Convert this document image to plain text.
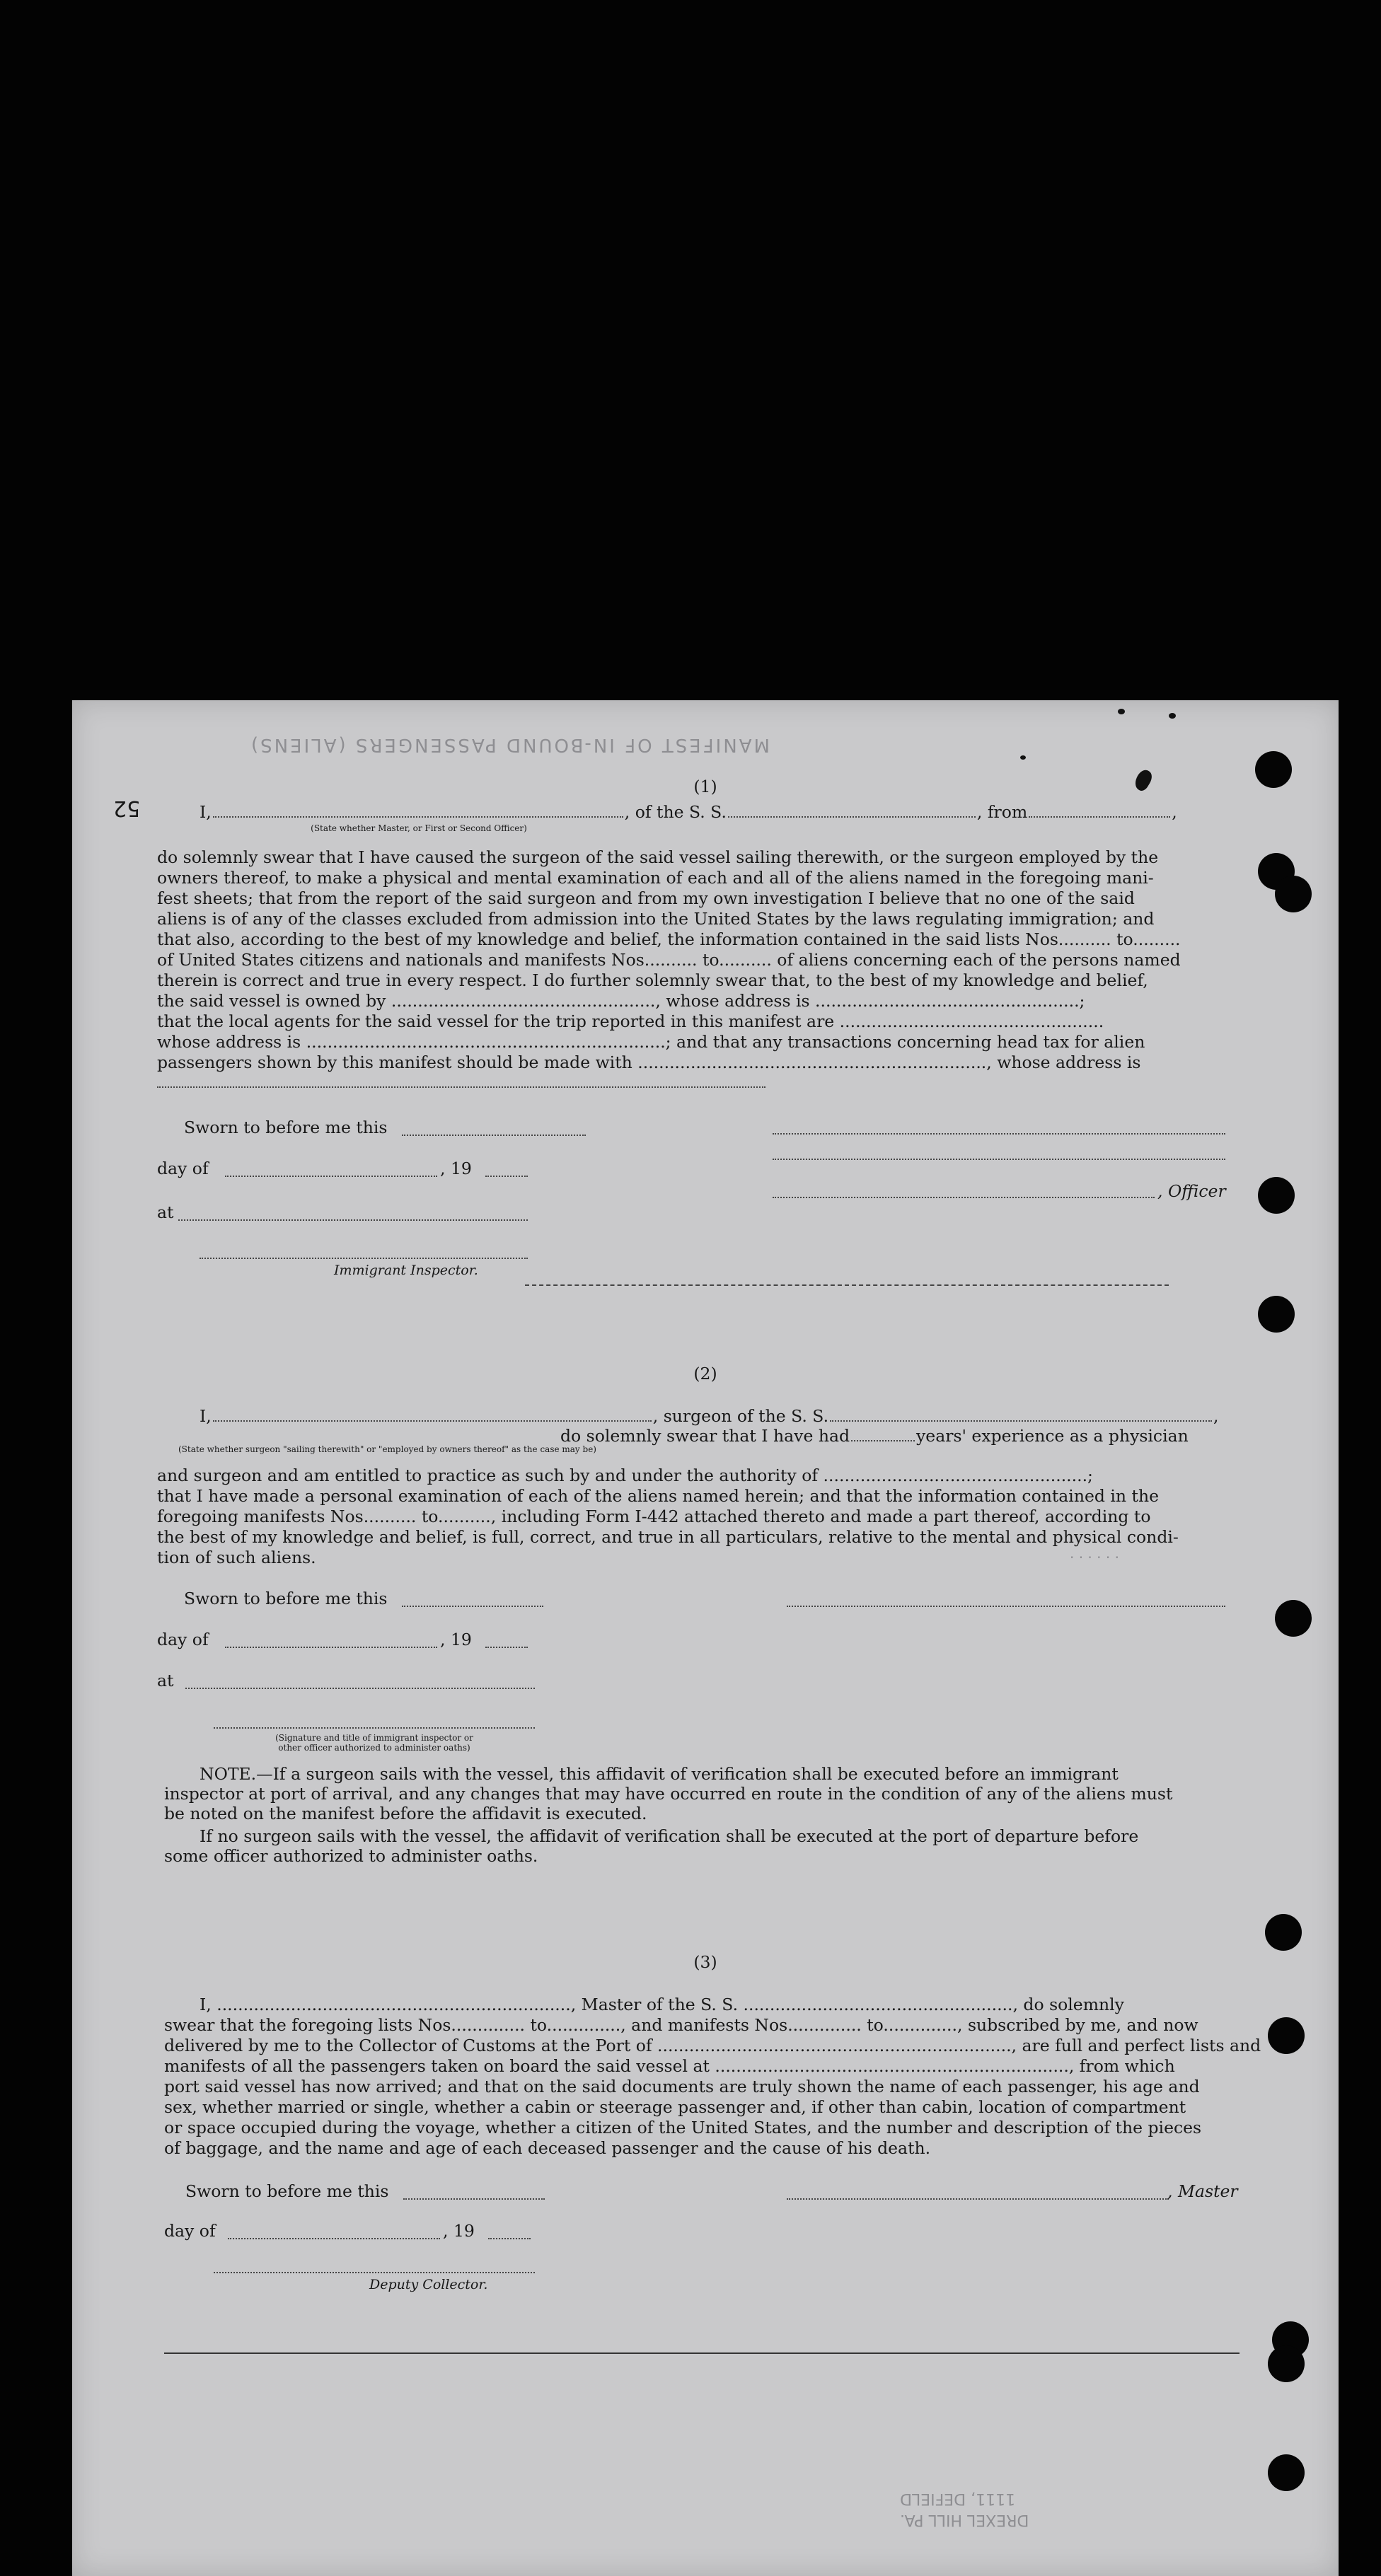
MANIFEST OF IN-BOUND PASSENGERS (ALIENS)
· · · · · ·
1111, DEFIELD
DREXEL HILL PA.
52
(1)
I,	, of the S. S.	, from	,
(State whether Master, or First or Second Officer)
do solemnly swear that I have caused the surgeon of the said vessel sailing therewith, or the surgeon employed by the
owners thereof, to make a physical and mental examination of each and all of the aliens named in the foregoing mani-
fest sheets; that from the report of the said surgeon and from my own investigation I believe that no one of the said
aliens is of any of the classes excluded from admission into the United States by the laws regulating immigration; and
that also, according to the best of my knowledge and belief, the information contained in the said lists Nos.......... to.........
of United States citizens and nationals and manifests Nos.......... to.......... of aliens concerning each of the persons named
therein is correct and true in every respect. I do further solemnly swear that, to the best of my knowledge and belief,
the said vessel is owned by .................................................., whose address is ..................................................;
that the local agents for the said vessel for the trip reported in this manifest are ..................................................
whose address is ....................................................................; and that any transactions concerning head tax for alien
passengers shown by this manifest should be made with .................................................................., whose address is
Sworn to before me this
day of	, 19
, Officer
at
Immigrant Inspector.
(2)
I,	, surgeon of the S. S.	,
do solemnly swear that I have had	years' experience as a physician
(State whether surgeon "sailing therewith" or "employed by owners thereof" as the case may be)
and surgeon and am entitled to practice as such by and under the authority of ..................................................;
that I have made a personal examination of each of the aliens named herein; and that the information contained in the
foregoing manifests Nos.......... to.........., including Form I-442 attached thereto and made a part thereof, according to
the best of my knowledge and belief, is full, correct, and true in all particulars, relative to the mental and physical condi-
tion of such aliens.
Sworn to before me this
day of	, 19
at
(Signature and title of immigrant inspector or
other officer authorized to administer oaths)
NOTE.—If a surgeon sails with the vessel, this affidavit of verification shall be executed before an immigrant
inspector at port of arrival, and any changes that may have occurred en route in the condition of any of the aliens must
be noted on the manifest before the affidavit is executed.
If no surgeon sails with the vessel, the affidavit of verification shall be executed at the port of departure before
some officer authorized to administer oaths.
(3)
I, ..................................................................., Master of the S. S. ..................................................., do solemnly
swear that the foregoing lists Nos.............. to.............., and manifests Nos.............. to.............., subscribed by me, and now
delivered by me to the Collector of Customs at the Port of ..................................................................., are full and perfect lists and
manifests of all the passengers taken on board the said vessel at ..................................................................., from which
port said vessel has now arrived; and that on the said documents are truly shown the name of each passenger, his age and
sex, whether married or single, whether a cabin or steerage passenger and, if other than cabin, location of compartment
or space occupied during the voyage, whether a citizen of the United States, and the number and description of the pieces
of baggage, and the name and age of each deceased passenger and the cause of his death.
Sworn to before me this	, Master
day of	, 19
Deputy Collector.
